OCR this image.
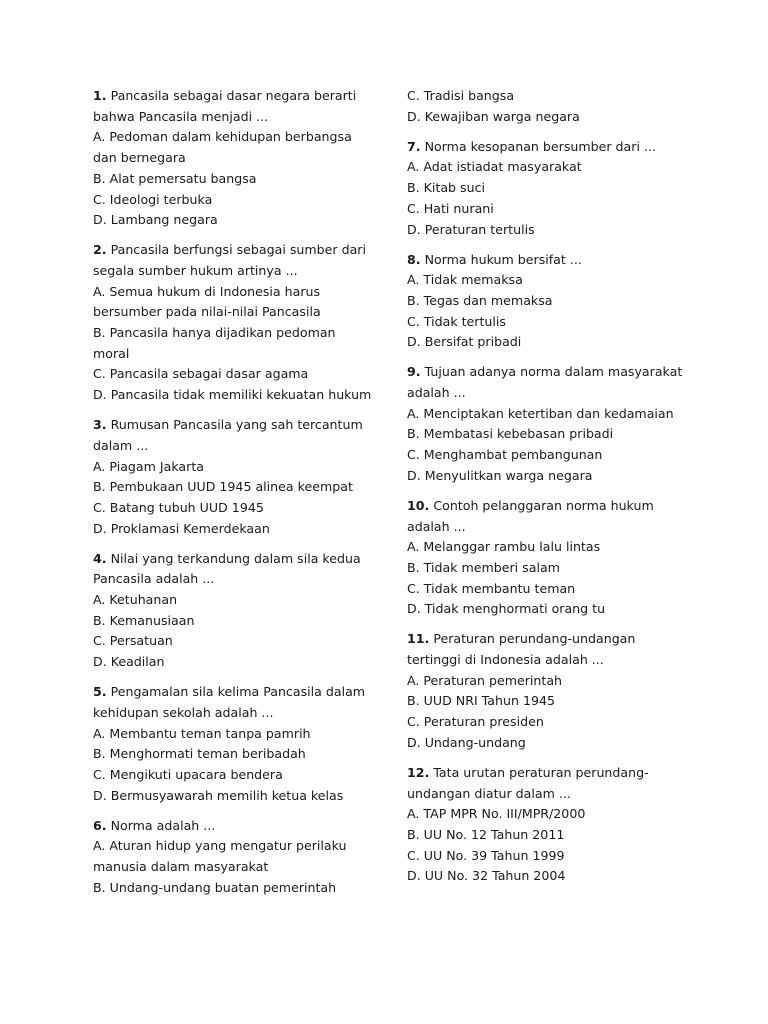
1. Pancasila sebagai dasar negara berarti bahwa Pancasila menjadi ...
A. Pedoman dalam kehidupan berbangsa dan bernegara
B. Alat pemersatu bangsa
C. Ideologi terbuka
D. Lambang negara
2. Pancasila berfungsi sebagai sumber dari segala sumber hukum artinya ...
A. Semua hukum di Indonesia harus bersumber pada nilai-nilai Pancasila
B. Pancasila hanya dijadikan pedoman moral
C. Pancasila sebagai dasar agama
D. Pancasila tidak memiliki kekuatan hukum
3. Rumusan Pancasila yang sah tercantum dalam ...
A. Piagam Jakarta
B. Pembukaan UUD 1945 alinea keempat
C. Batang tubuh UUD 1945
D. Proklamasi Kemerdekaan
4. Nilai yang terkandung dalam sila kedua Pancasila adalah ...
A. Ketuhanan
B. Kemanusiaan
C. Persatuan
D. Keadilan
5. Pengamalan sila kelima Pancasila dalam kehidupan sekolah adalah ...
A. Membantu teman tanpa pamrih
B. Menghormati teman beribadah
C. Mengikuti upacara bendera
D. Bermusyawarah memilih ketua kelas
6. Norma adalah ...
A. Aturan hidup yang mengatur perilaku manusia dalam masyarakat
B. Undang-undang buatan pemerintah
C. Tradisi bangsa
D. Kewajiban warga negara
7. Norma kesopanan bersumber dari ...
A. Adat istiadat masyarakat
B. Kitab suci
C. Hati nurani
D. Peraturan tertulis
8. Norma hukum bersifat ...
A. Tidak memaksa
B. Tegas dan memaksa
C. Tidak tertulis
D. Bersifat pribadi
9. Tujuan adanya norma dalam masyarakat adalah ...
A. Menciptakan ketertiban dan kedamaian
B. Membatasi kebebasan pribadi
C. Menghambat pembangunan
D. Menyulitkan warga negara
10. Contoh pelanggaran norma hukum adalah ...
A. Melanggar rambu lalu lintas
B. Tidak memberi salam
C. Tidak membantu teman
D. Tidak menghormati orang tu
11. Peraturan perundang-undangan tertinggi di Indonesia adalah ...
A. Peraturan pemerintah
B. UUD NRI Tahun 1945
C. Peraturan presiden
D. Undang-undang
12. Tata urutan peraturan perundang-undangan diatur dalam ...
A. TAP MPR No. III/MPR/2000
B. UU No. 12 Tahun 2011
C. UU No. 39 Tahun 1999
D. UU No. 32 Tahun 2004
